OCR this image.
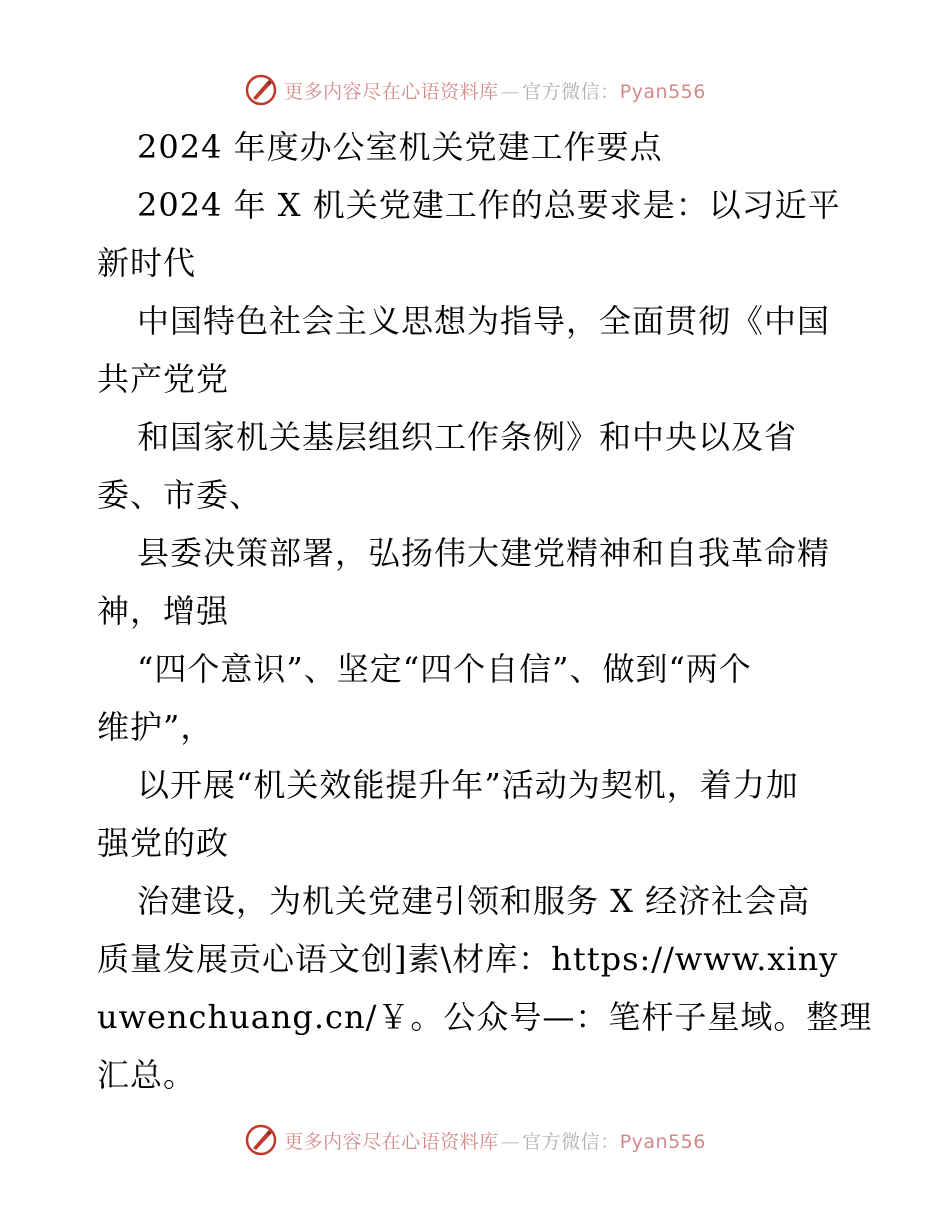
更多内容尽在心语资料库 — 官方微信：Pyan556
2024 年度办公室机关党建工作要点
2024 年 X 机关党建工作的总要求是：以习近平
新时代
中国特色社会主义思想为指导，全面贯彻《中国
共产党党
和国家机关基层组织工作条例》和中央以及省
委、市委、
县委决策部署，弘扬伟大建党精神和自我革命精
神，增强
“四个意识”、坚定“四个自信”、做到“两个
维护”，
以开展“机关效能提升年”活动为契机，着力加
强党的政
治建设，为机关党建引领和服务 X 经济社会高
质量发展贡心语文创]素\材库：https://www.xiny
uwenchuang.cn/￥。公众号—：笔杆子星域。整理
汇总。
更多内容尽在心语资料库 — 官方微信：Pyan556
